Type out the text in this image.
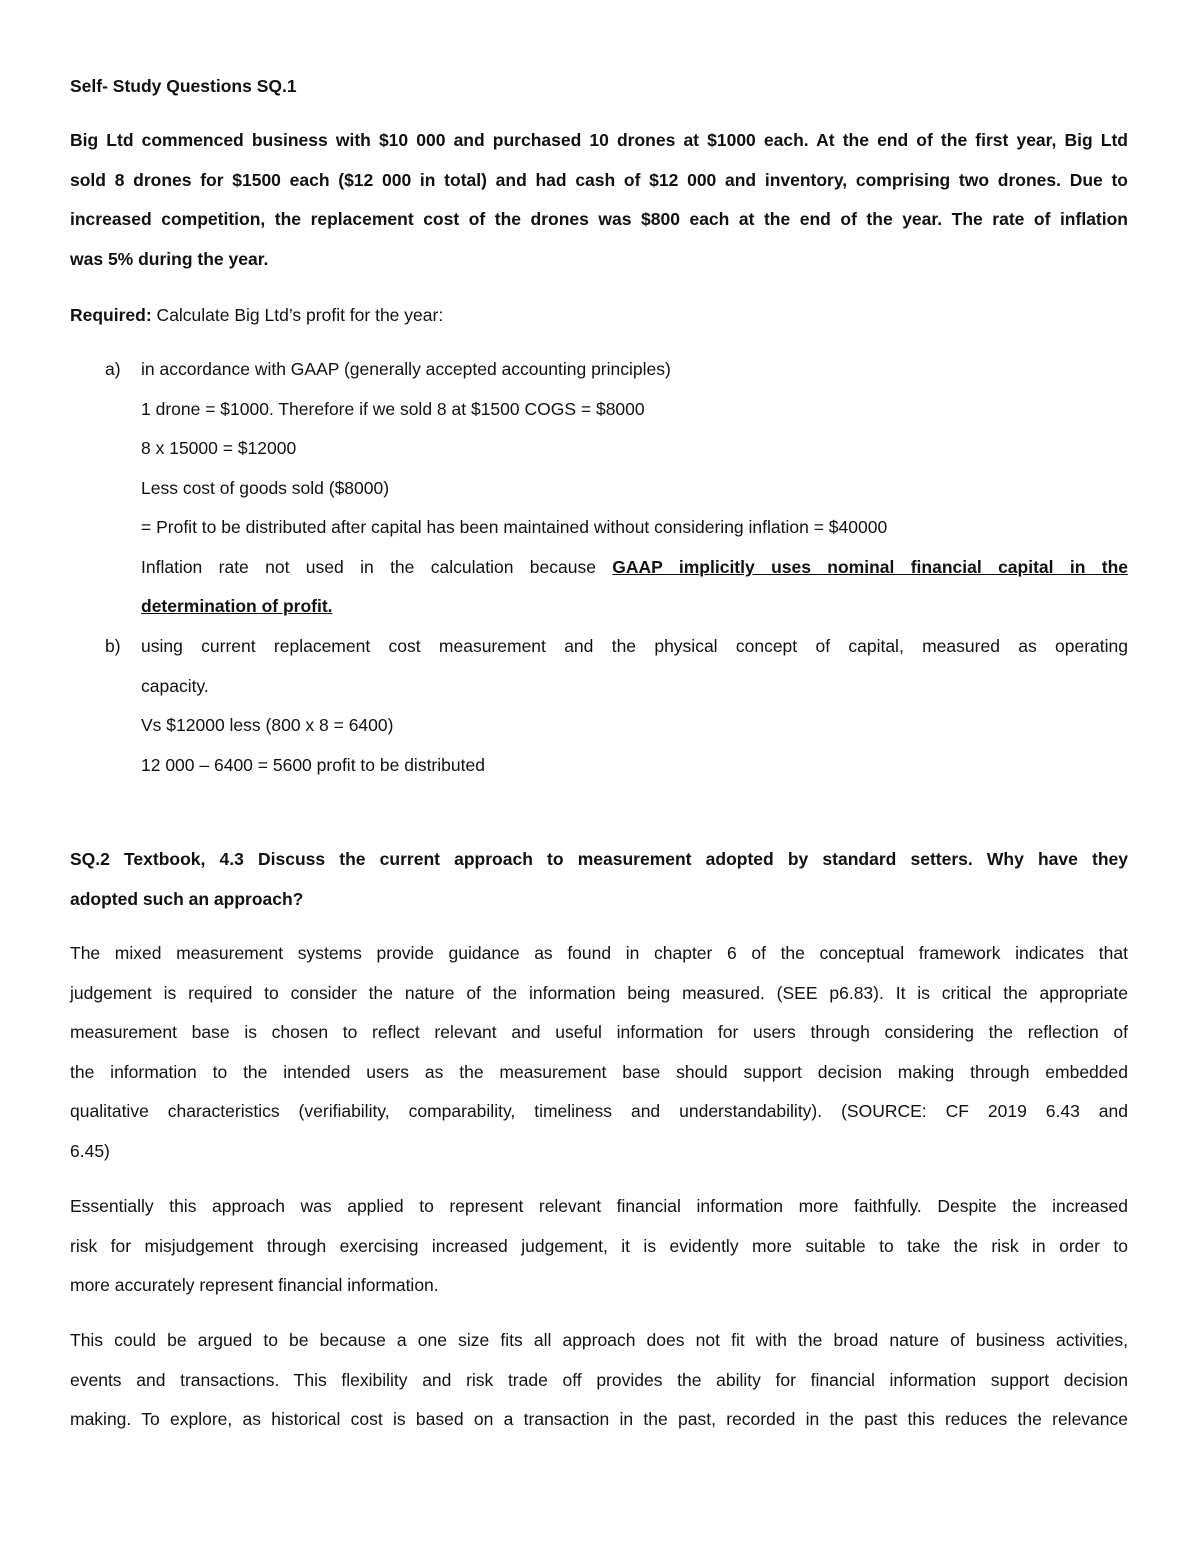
Self- Study Questions SQ.1
Big Ltd commenced business with $10 000 and purchased 10 drones at $1000 each. At the end of the first year, Big Ltd
sold 8 drones for $1500 each ($12 000 in total) and had cash of $12 000 and inventory, comprising two drones. Due to
increased competition, the replacement cost of the drones was $800 each at the end of the year. The rate of inflation
was 5% during the year.
Required: Calculate Big Ltd’s profit for the year:
a) in accordance with GAAP (generally accepted accounting principles)
1 drone = $1000. Therefore if we sold 8 at $1500 COGS = $8000
8 x 15000 = $12000
Less cost of goods sold ($8000)
= Profit to be distributed after capital has been maintained without considering inflation = $40000
Inflation rate not used in the calculation because GAAP implicitly uses nominal financial capital in the
determination of profit.
b) using current replacement cost measurement and the physical concept of capital, measured as operating
capacity.
Vs $12000 less (800 x 8 = 6400)
12 000 – 6400 = 5600 profit to be distributed
SQ.2 Textbook, 4.3 Discuss the current approach to measurement adopted by standard setters. Why have they
adopted such an approach?
The mixed measurement systems provide guidance as found in chapter 6 of the conceptual framework indicates that
judgement is required to consider the nature of the information being measured. (SEE p6.83). It is critical the appropriate
measurement base is chosen to reflect relevant and useful information for users through considering the reflection of
the information to the intended users as the measurement base should support decision making through embedded
qualitative characteristics (verifiability, comparability, timeliness and understandability). (SOURCE: CF 2019 6.43 and
6.45)
Essentially this approach was applied to represent relevant financial information more faithfully. Despite the increased
risk for misjudgement through exercising increased judgement, it is evidently more suitable to take the risk in order to
more accurately represent financial information.
This could be argued to be because a one size fits all approach does not fit with the broad nature of business activities,
events and transactions. This flexibility and risk trade off provides the ability for financial information support decision
making. To explore, as historical cost is based on a transaction in the past, recorded in the past this reduces the relevance
